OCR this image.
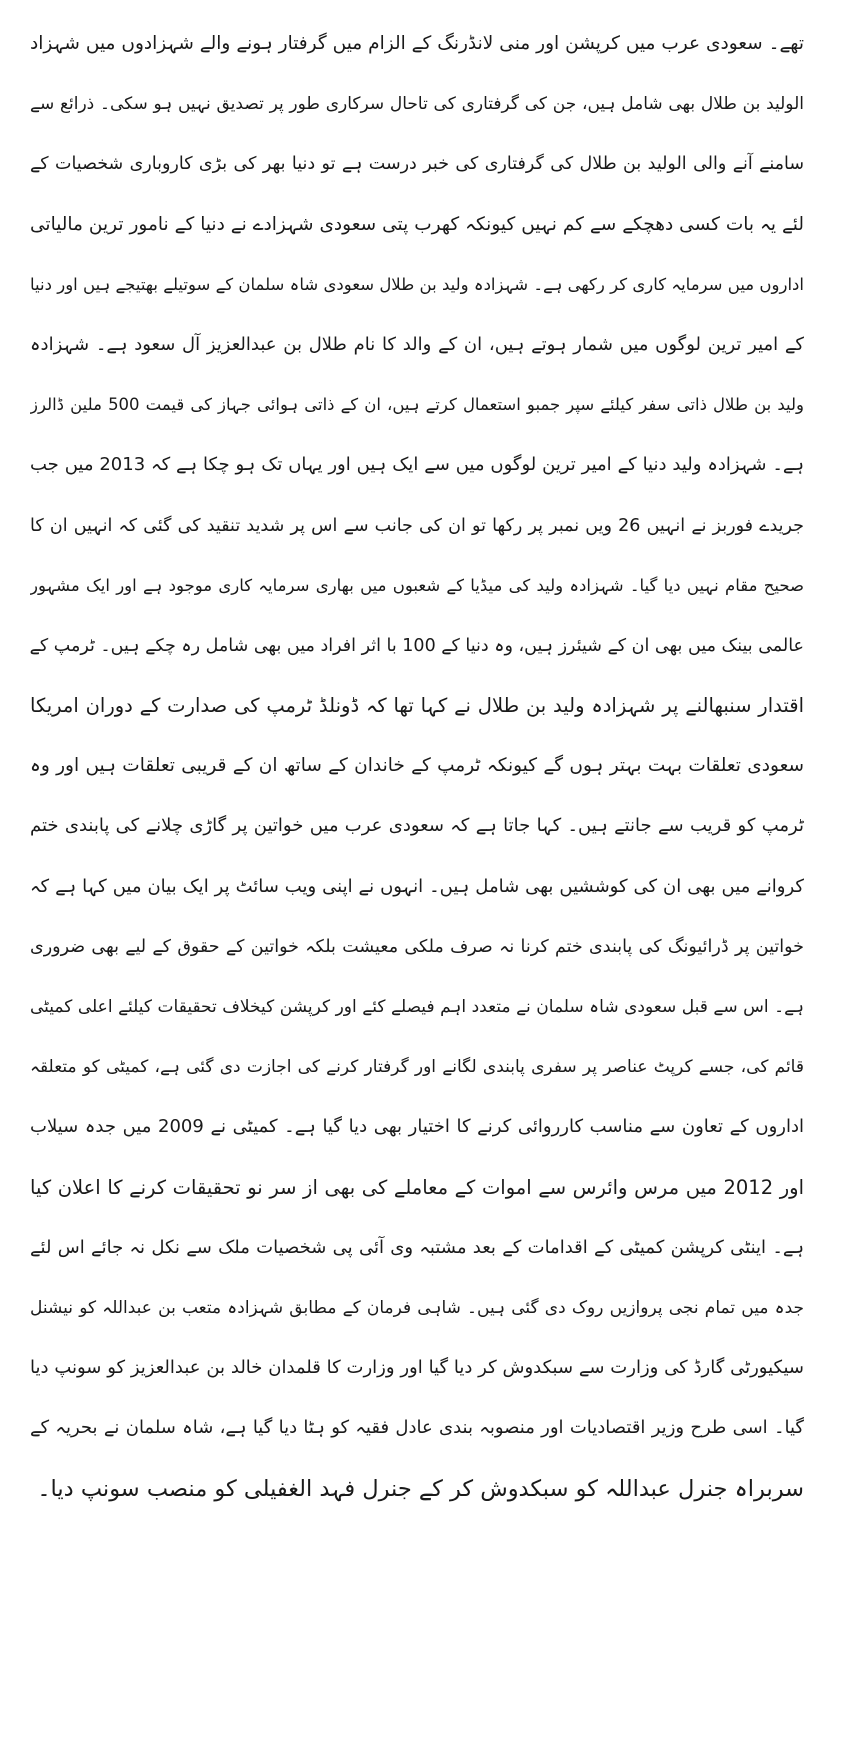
تھے۔ سعودی عرب میں کرپشن اور منی لانڈرنگ کے الزام میں گرفتار ہونے والے شہزادوں میں شہزاد
الولید بن طلال بھی شامل ہیں، جن کی گرفتاری کی تاحال سرکاری طور پر تصدیق نہیں ہو سکی۔ ذرائع سے
سامنے آنے والی الولید بن طلال کی گرفتاری کی خبر درست ہے تو دنیا بھر کی بڑی کاروباری شخصیات کے
لئے یہ بات کسی دھچکے سے کم نہیں کیونکہ کھرب پتی سعودی شہزادے نے دنیا کے نامور ترین مالیاتی
اداروں میں سرمایہ کاری کر رکھی ہے۔ شہزادہ ولید بن طلال سعودی شاہ سلمان کے سوتیلے بھتیجے ہیں اور دنیا
کے امیر ترین لوگوں میں شمار ہوتے ہیں، ان کے والد کا نام طلال بن عبدالعزیز آل سعود ہے۔ شہزادہ
ولید بن طلال ذاتی سفر کیلئے سپر جمبو استعمال کرتے ہیں، ان کے ذاتی ہوائی جہاز کی قیمت 500 ملین ڈالرز
ہے۔ شہزادہ ولید دنیا کے امیر ترین لوگوں میں سے ایک ہیں اور یہاں تک ہو چکا ہے کہ 2013 میں جب
جریدے فوربز نے انہیں 26 ویں نمبر پر رکھا تو ان کی جانب سے اس پر شدید تنقید کی گئی کہ انہیں ان کا
صحیح مقام نہیں دیا گیا۔ شہزادہ ولید کی میڈیا کے شعبوں میں بھاری سرمایہ کاری موجود ہے اور ایک مشہور
عالمی بینک میں بھی ان کے شیئرز ہیں، وہ دنیا کے 100 با اثر افراد میں بھی شامل رہ چکے ہیں۔ ٹرمپ کے
اقتدار سنبھالنے پر شہزادہ ولید بن طلال نے کہا تھا کہ ڈونلڈ ٹرمپ کی صدارت کے دوران امریکا
سعودی تعلقات بہت بہتر ہوں گے کیونکہ ٹرمپ کے خاندان کے ساتھ ان کے قریبی تعلقات ہیں اور وہ
ٹرمپ کو قریب سے جانتے ہیں۔ کہا جاتا ہے کہ سعودی عرب میں خواتین پر گاڑی چلانے کی پابندی ختم
کروانے میں بھی ان کی کوششیں بھی شامل ہیں۔ انہوں نے اپنی ویب سائٹ پر ایک بیان میں کہا ہے کہ
خواتین پر ڈرائیونگ کی پابندی ختم کرنا نہ صرف ملکی معیشت بلکہ خواتین کے حقوق کے لیے بھی ضروری
ہے۔ اس سے قبل سعودی شاہ سلمان نے متعدد اہم فیصلے کئے اور کرپشن کیخلاف تحقیقات کیلئے اعلی کمیٹی
قائم کی، جسے کرپٹ عناصر پر سفری پابندی لگانے اور گرفتار کرنے کی اجازت دی گئی ہے، کمیٹی کو متعلقہ
اداروں کے تعاون سے مناسب کارروائی کرنے کا اختیار بھی دیا گیا ہے۔ کمیٹی نے 2009 میں جدہ سیلاب
اور 2012 میں مرس وائرس سے اموات کے معاملے کی بھی از سر نو تحقیقات کرنے کا اعلان کیا
ہے۔ اینٹی کرپشن کمیٹی کے اقدامات کے بعد مشتبہ وی آئی پی شخصیات ملک سے نکل نہ جائے اس لئے
جدہ میں تمام نجی پروازیں روک دی گئی ہیں۔ شاہی فرمان کے مطابق شہزادہ متعب بن عبداللہ کو نیشنل
سیکیورٹی گارڈ کی وزارت سے سبکدوش کر دیا گیا اور وزارت کا قلمدان خالد بن عبدالعزیز کو سونپ دیا
گیا۔ اسی طرح وزیر اقتصادیات اور منصوبہ بندی عادل فقیہ کو ہٹا دیا گیا ہے، شاہ سلمان نے بحریہ کے
سربراہ جنرل عبداللہ کو سبکدوش کر کے جنرل فہد الغفیلی کو منصب سونپ دیا۔
